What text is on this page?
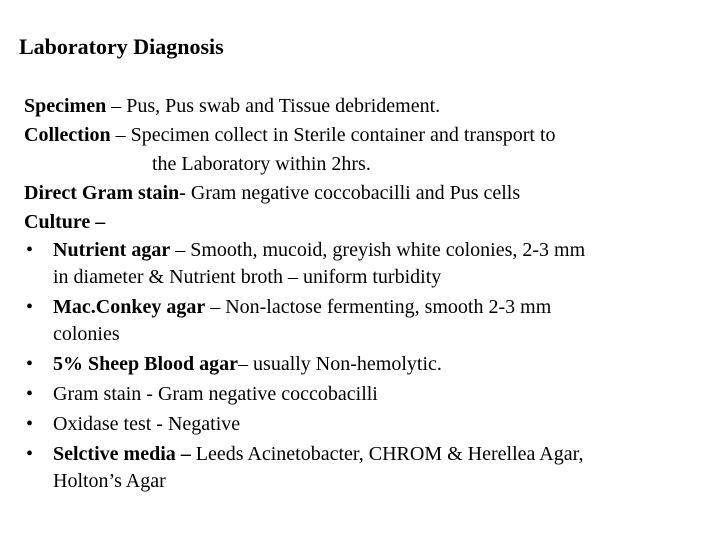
Laboratory Diagnosis
Specimen – Pus, Pus swab and Tissue debridement.
Collection – Specimen collect in Sterile container and transport to
the Laboratory within 2hrs.
Direct Gram stain- Gram negative coccobacilli and Pus cells
Culture –
• Nutrient agar – Smooth, mucoid, greyish white colonies, 2-3 mm
in diameter & Nutrient broth – uniform turbidity
• Mac.Conkey agar – Non-lactose fermenting, smooth 2-3 mm
colonies
• 5% Sheep Blood agar– usually Non-hemolytic.
• Gram stain - Gram negative coccobacilli
• Oxidase test - Negative
• Selctive media – Leeds Acinetobacter, CHROM & Herellea Agar,
Holton’s Agar
